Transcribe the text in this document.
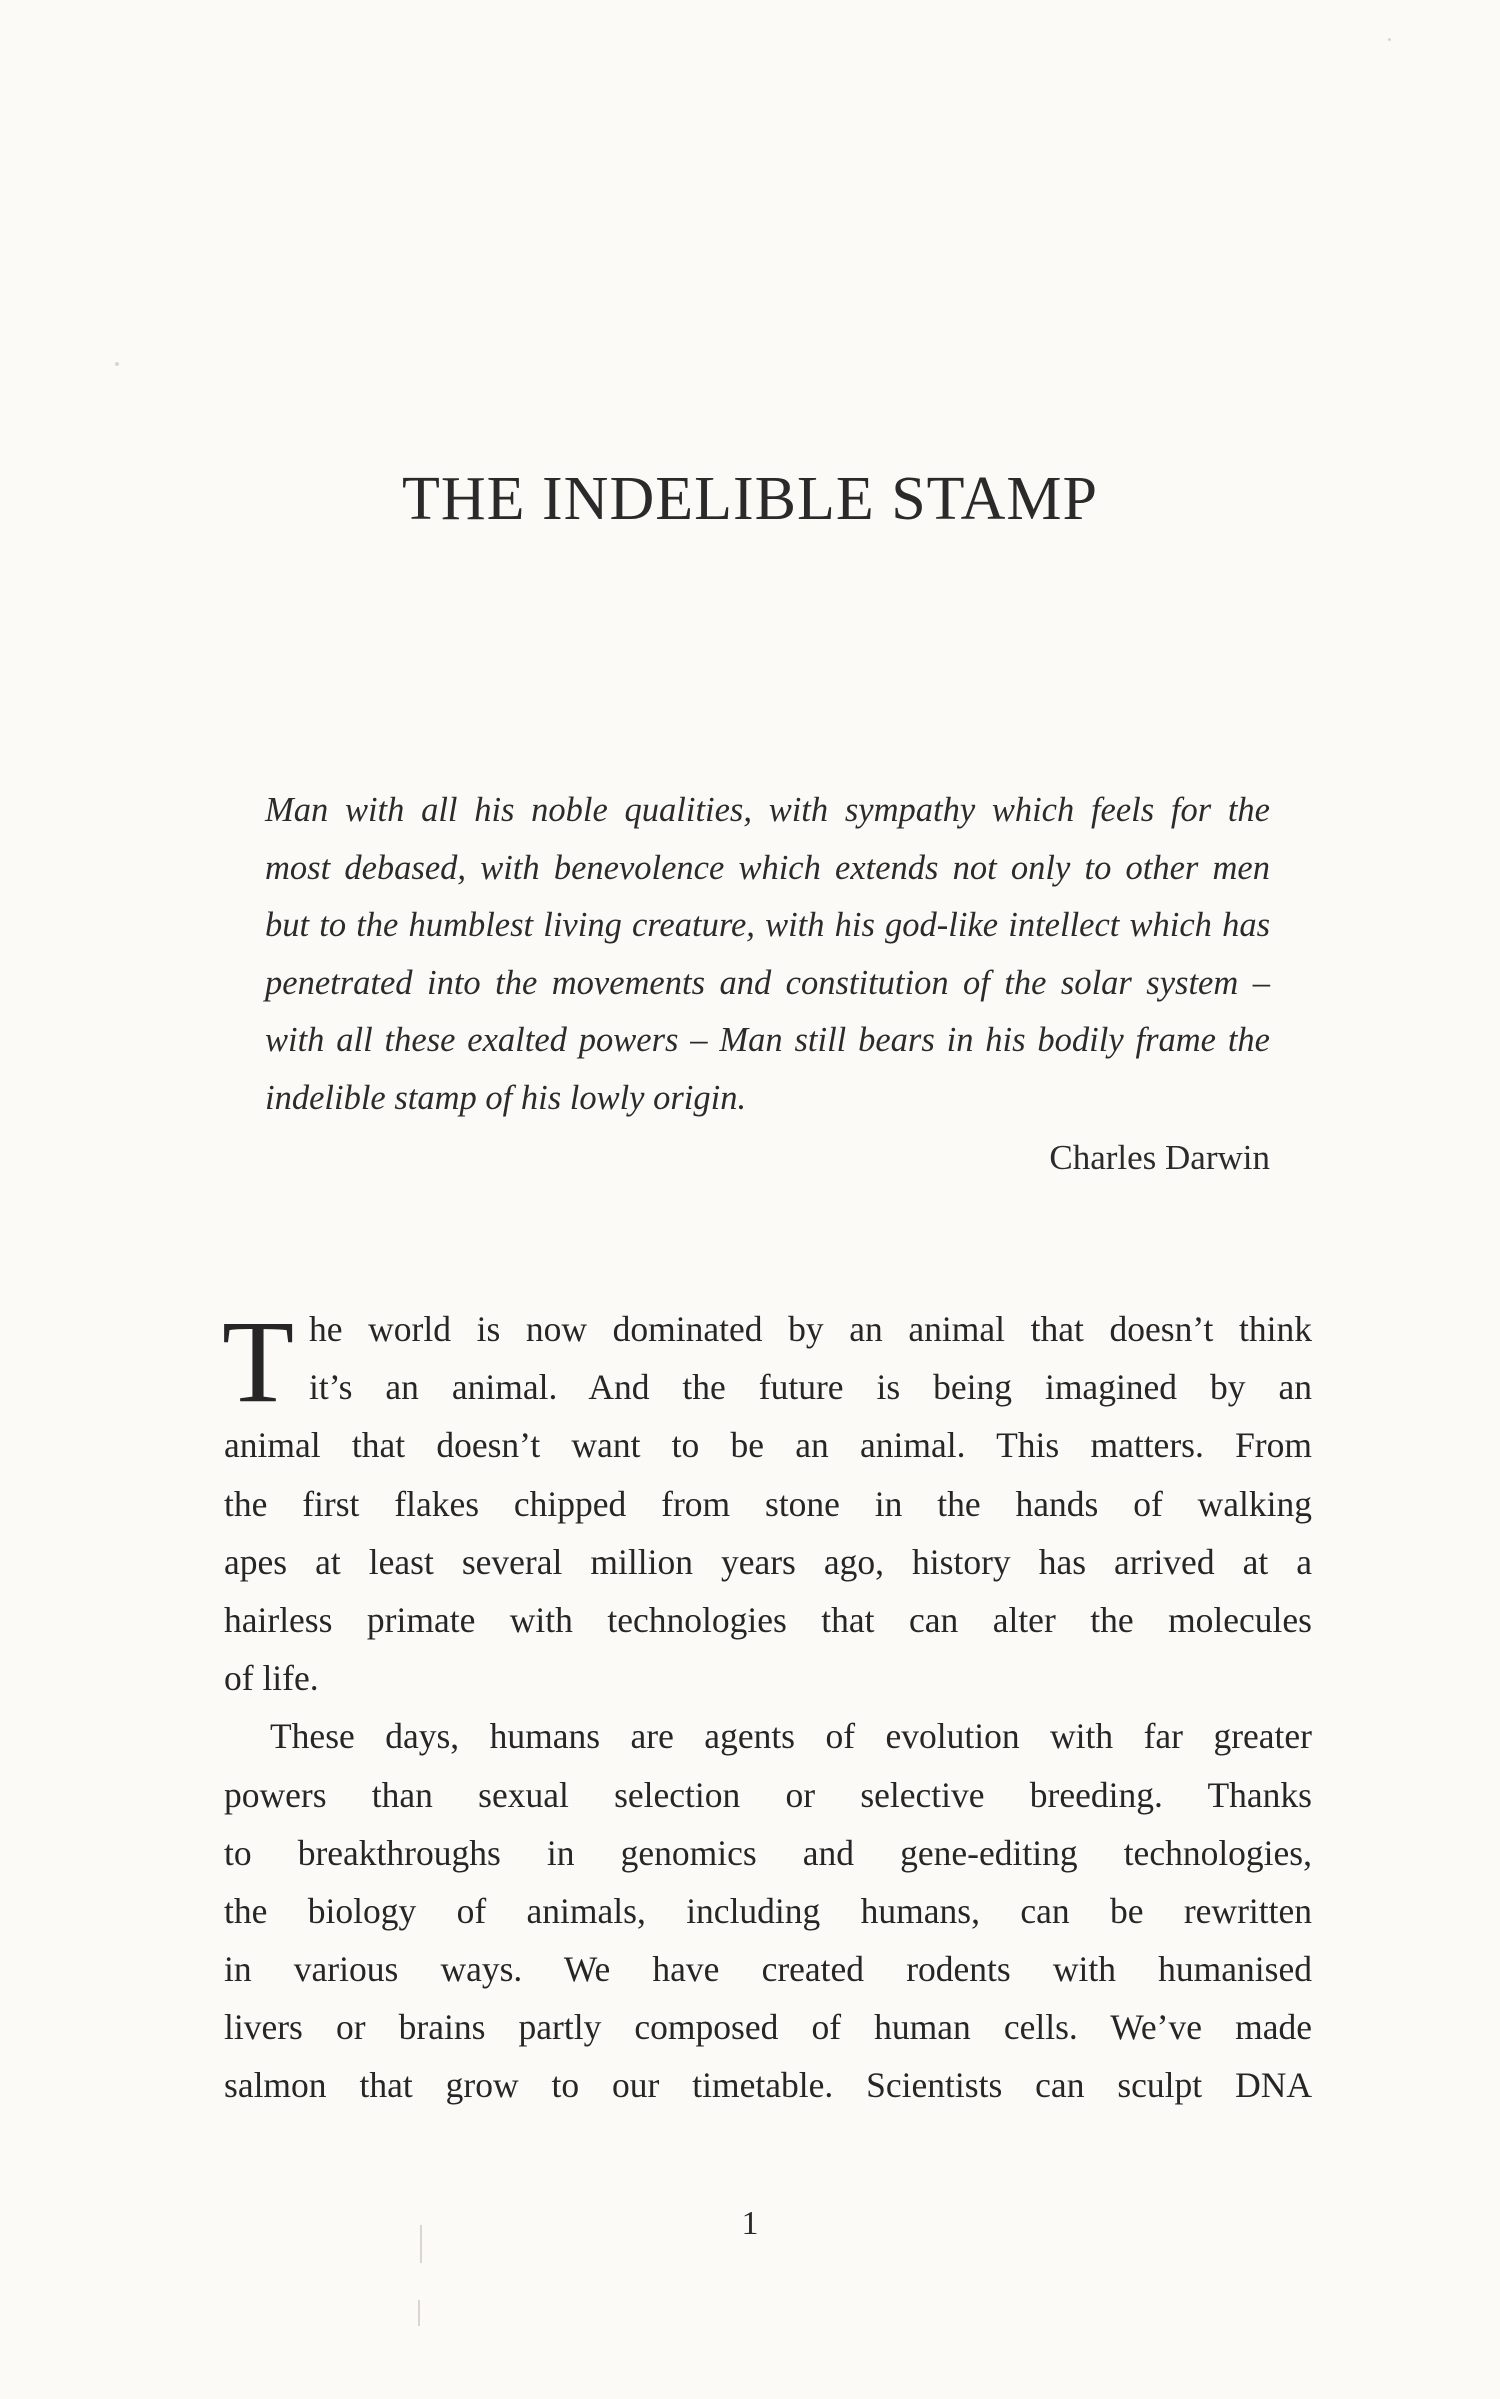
THE INDELIBLE STAMP
Man with all his noble qualities, with sympathy which feels for the
most debased, with benevolence which extends not only to other men
but to the humblest living creature, with his god-like intellect which has
penetrated into the movements and constitution of the solar system –
with all these exalted powers – Man still bears in his bodily frame the
indelible stamp of his lowly origin.
Charles Darwin
T he world is now dominated by an animal that doesn’t think
it’s an animal. And the future is being imagined by an
animal that doesn’t want to be an animal. This matters. From
the first flakes chipped from stone in the hands of walking
apes at least several million years ago, history has arrived at a
hairless primate with technologies that can alter the molecules
of life.
These days, humans are agents of evolution with far greater
powers than sexual selection or selective breeding. Thanks
to breakthroughs in genomics and gene-editing technologies,
the biology of animals, including humans, can be rewritten
in various ways. We have created rodents with humanised
livers or brains partly composed of human cells. We’ve made
salmon that grow to our timetable. Scientists can sculpt DNA
1
